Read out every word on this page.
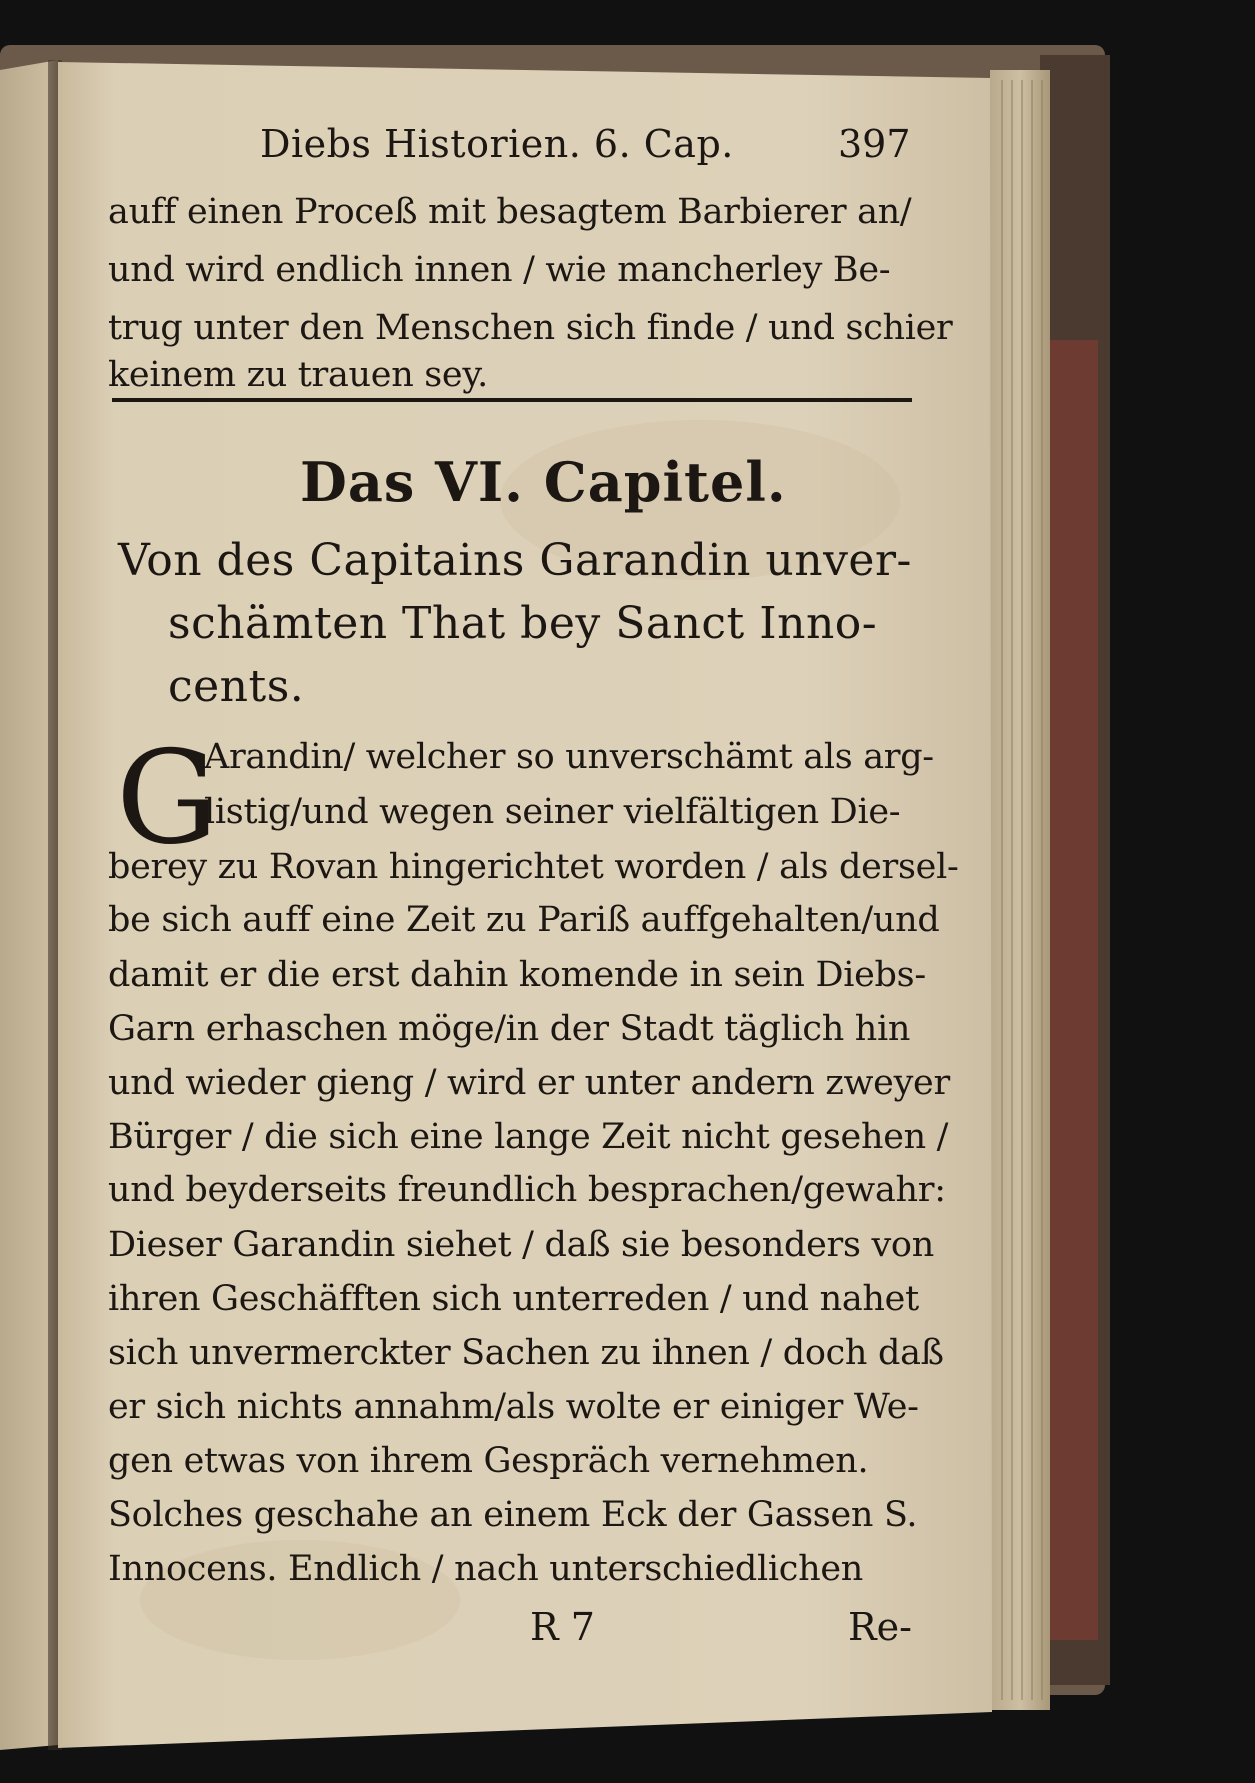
Diebs Historien. 6. Cap.	397
auff einen Proceß mit besagtem Barbierer an/
und wird endlich innen / wie mancherley Be-
trug unter den Menschen sich finde / und schier
keinem zu trauen sey.
Das VI. Capitel.
Von des Capitains Garandin unver-
schämten That bey Sanct Inno-
cents.
G
Arandin/ welcher so unverschämt als arg-
listig/und wegen seiner vielfältigen Die-
berey zu Rovan hingerichtet worden / als dersel-
be sich auff eine Zeit zu Pariß auffgehalten/und
damit er die erst dahin komende in sein Diebs-
Garn erhaschen möge/in der Stadt täglich hin
und wieder gieng / wird er unter andern zweyer
Bürger / die sich eine lange Zeit nicht gesehen /
und beyderseits freundlich besprachen/gewahr:
Dieser Garandin siehet / daß sie besonders von
ihren Geschäfften sich unterreden / und nahet
sich unvermerckter Sachen zu ihnen / doch daß
er sich nichts annahm/als wolte er einiger We-
gen etwas von ihrem Gespräch vernehmen.
Solches geschahe an einem Eck der Gassen S.
Innocens. Endlich / nach unterschiedlichen
R 7	Re-
